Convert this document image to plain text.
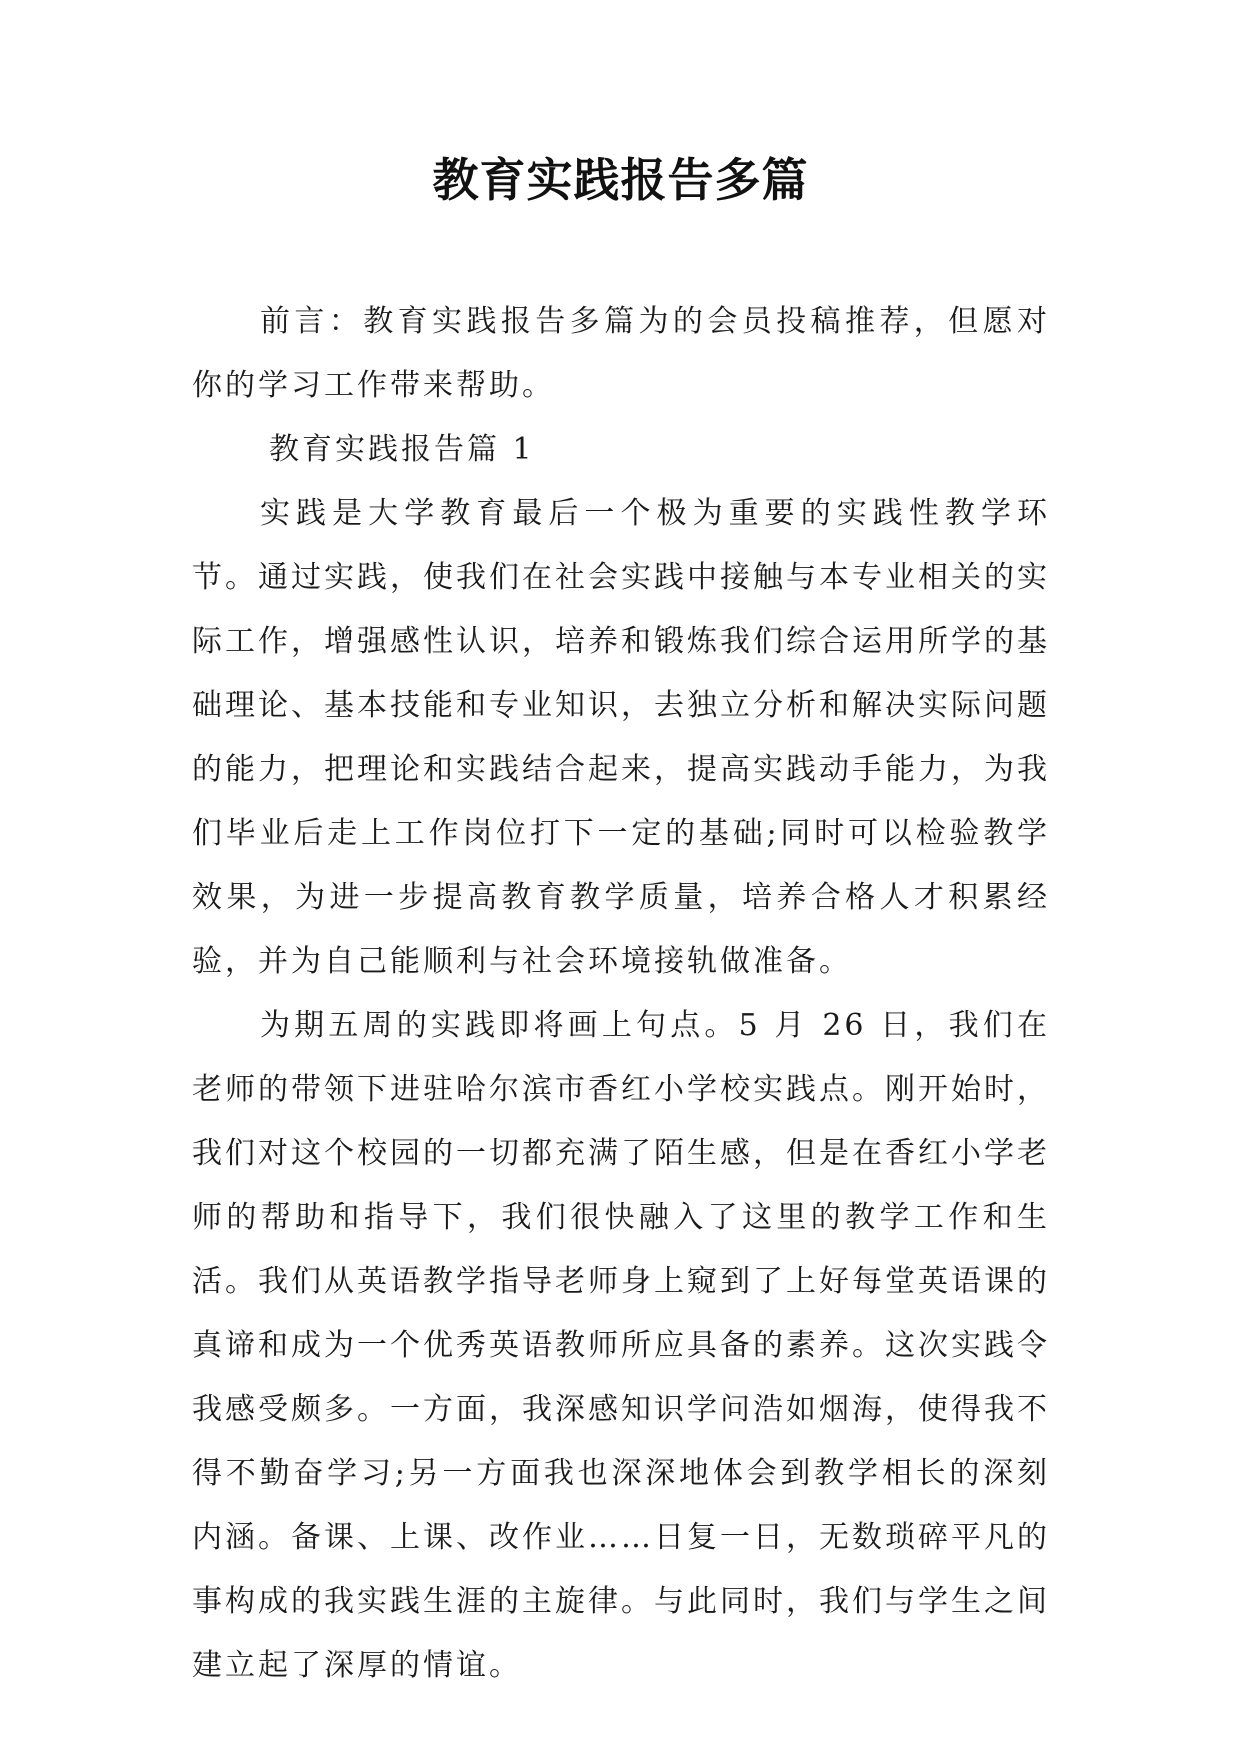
教育实践报告多篇

前言：教育实践报告多篇为的会员投稿推荐，但愿对你的学习工作带来帮助。

教育实践报告篇 1

实践是大学教育最后一个极为重要的实践性教学环节。通过实践，使我们在社会实践中接触与本专业相关的实际工作，增强感性认识，培养和锻炼我们综合运用所学的基础理论、基本技能和专业知识，去独立分析和解决实际问题的能力，把理论和实践结合起来，提高实践动手能力，为我们毕业后走上工作岗位打下一定的基础;同时可以检验教学效果，为进一步提高教育教学质量，培养合格人才积累经验，并为自己能顺利与社会环境接轨做准备。

为期五周的实践即将画上句点。5 月 26 日，我们在老师的带领下进驻哈尔滨市香红小学校实践点。刚开始时，我们对这个校园的一切都充满了陌生感，但是在香红小学老师的帮助和指导下，我们很快融入了这里的教学工作和生活。我们从英语教学指导老师身上窥到了上好每堂英语课的真谛和成为一个优秀英语教师所应具备的素养。这次实践令我感受颇多。一方面，我深感知识学问浩如烟海，使得我不得不勤奋学习;另一方面我也深深地体会到教学相长的深刻内涵。备课、上课、改作业……日复一日，无数琐碎平凡的事构成的我实践生涯的主旋律。与此同时，我们与学生之间建立起了深厚的情谊。
